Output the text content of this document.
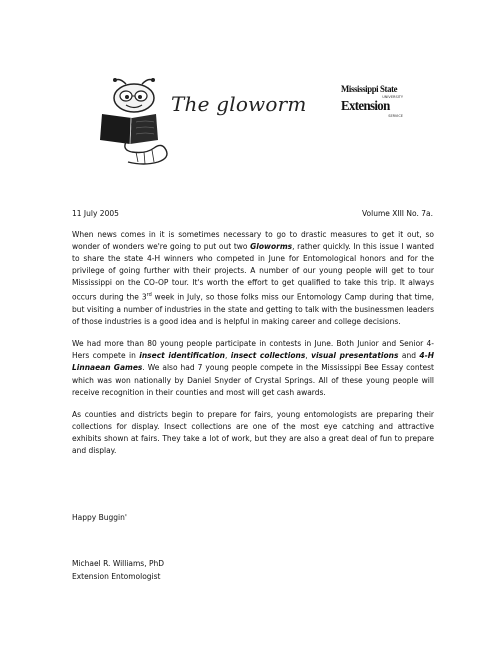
The gloworm
Mississippi State
UNIVERSITY
Extension
SERVICE
11 July 2005	Volume XIII No. 7a.

When news comes in it is sometimes necessary to go to drastic measures to get it out, so wonder of wonders we're going to put out two Gloworms, rather quickly. In this issue I wanted to share the state 4-H winners who competed in June for Entomological honors and for the privilege of going further with their projects. A number of our young people will get to tour Mississippi on the CO-OP tour. It's worth the effort to get qualified to take this trip. It always occurs during the 3rd week in July, so those folks miss our Entomology Camp during that time, but visiting a number of industries in the state and getting to talk with the businessmen leaders of those industries is a good idea and is helpful in making career and college decisions.

We had more than 80 young people participate in contests in June. Both Junior and Senior 4-Hers compete in insect identification, insect collections, visual presentations and 4-H Linnaean Games. We also had 7 young people compete in the Mississippi Bee Essay contest which was won nationally by Daniel Snyder of Crystal Springs. All of these young people will receive recognition in their counties and most will get cash awards.

As counties and districts begin to prepare for fairs, young entomologists are preparing their collections for display. Insect collections are one of the most eye catching and attractive exhibits shown at fairs. They take a lot of work, but they are also a great deal of fun to prepare and display.

Happy Buggin'
Michael R. Williams, PhD
Extension Entomologist
